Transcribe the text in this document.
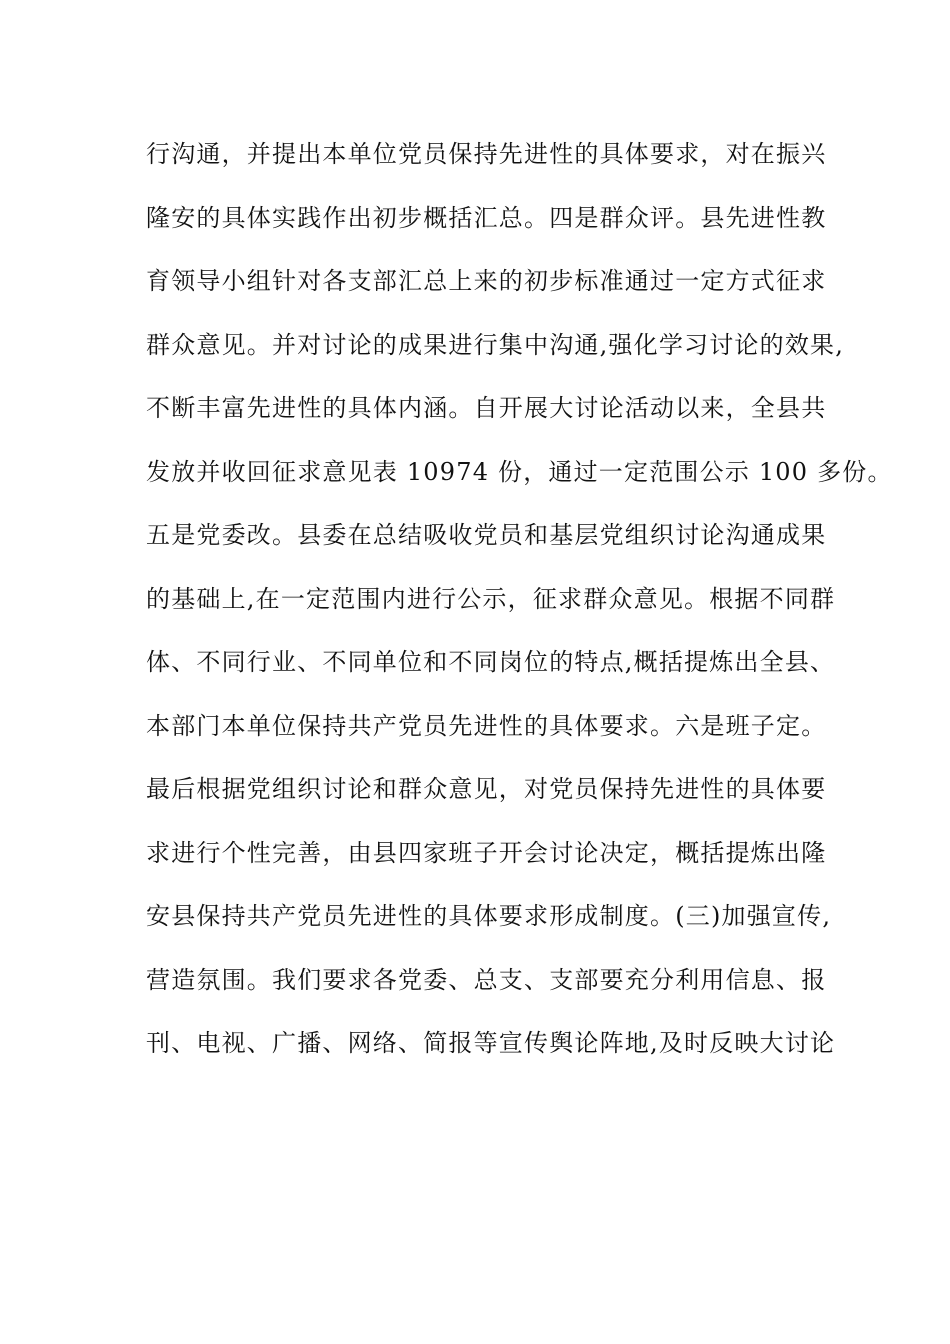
行沟通，并提出本单位党员保持先进性的具体要求，对在振兴
隆安的具体实践作出初步概括汇总。四是群众评。县先进性教
育领导小组针对各支部汇总上来的初步标准通过一定方式征求
群众意见。并对讨论的成果进行集中沟通,强化学习讨论的效果,
不断丰富先进性的具体内涵。自开展大讨论活动以来，全县共
发放并收回征求意见表 10974 份，通过一定范围公示 100 多份。
五是党委改。县委在总结吸收党员和基层党组织讨论沟通成果
的基础上,在一定范围内进行公示，征求群众意见。根据不同群
体、不同行业、不同单位和不同岗位的特点,概括提炼出全县、
本部门本单位保持共产党员先进性的具体要求。六是班子定。
最后根据党组织讨论和群众意见，对党员保持先进性的具体要
求进行个性完善，由县四家班子开会讨论决定，概括提炼出隆
安县保持共产党员先进性的具体要求形成制度。(三)加强宣传,
营造氛围。我们要求各党委、总支、支部要充分利用信息、报
刊、电视、广播、网络、简报等宣传舆论阵地,及时反映大讨论
